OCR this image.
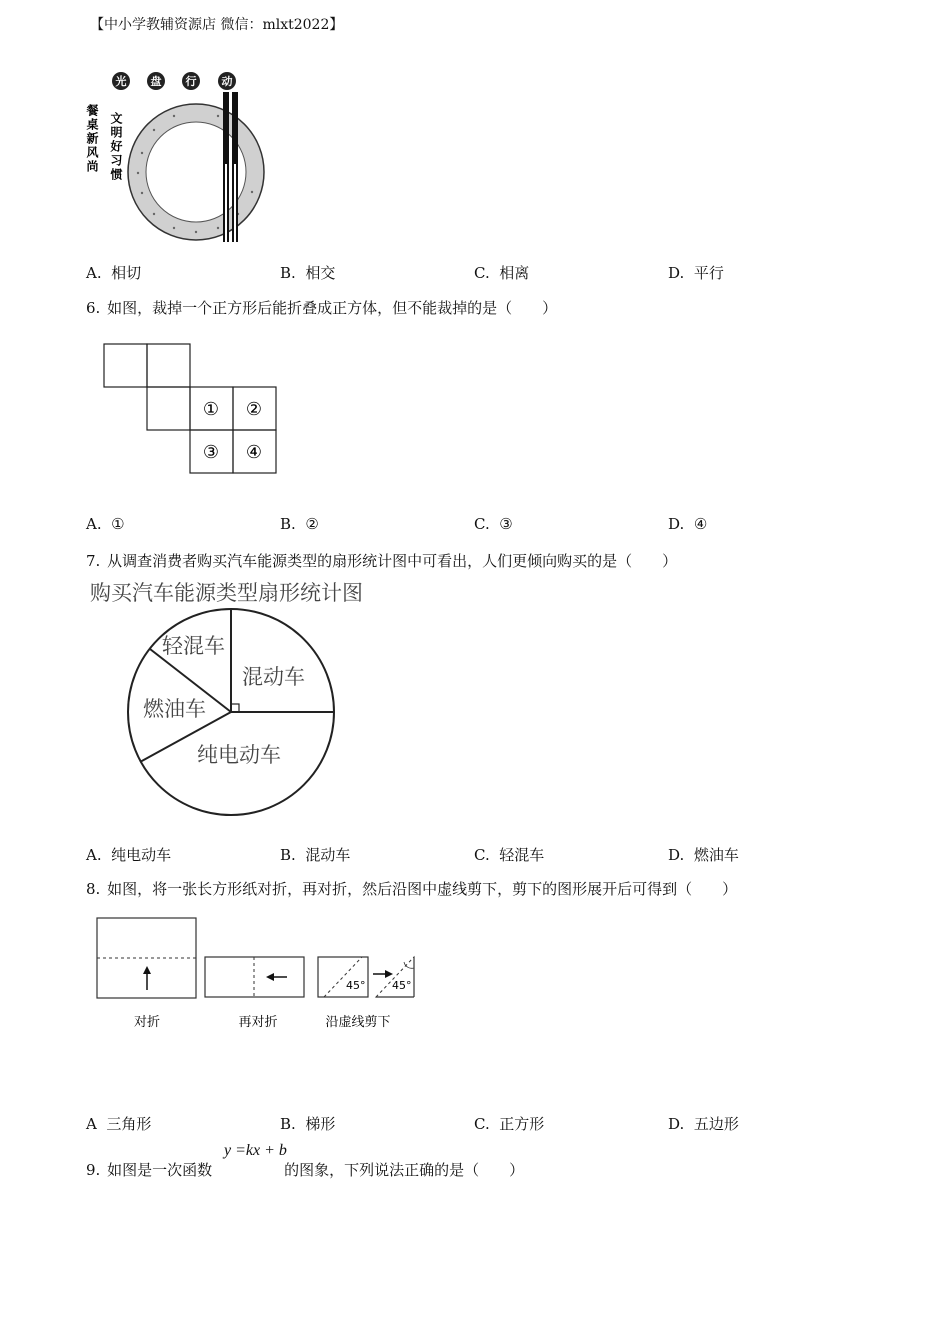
【中小学教辅资源店 微信：mlxt2022】
光 盘 行 动
餐桌新风尚 文明好习惯
A. 相切	B. 相交	C. 相离	D. 平行
6. 如图，裁掉一个正方形后能折叠成正方体，但不能裁掉的是（　　）
① ②
③ ④
A. ①	B. ②	C. ③	D. ④
7. 从调查消费者购买汽车能源类型的扇形统计图中可看出，人们更倾向购买的是（　　）
购买汽车能源类型扇形统计图
混动车
纯电动车
燃油车
轻混车
A. 纯电动车	B. 混动车	C. 轻混车	D. 燃油车
8. 如图，将一张长方形纸对折，再对折，然后沿图中虚线剪下，剪下的图形展开后可得到（　　）
对折	再对折
45° 45°
沿虚线剪下
A 三角形	B. 梯形	C. 正方形	D. 五边形
y =kx + b
9. 如图是一次函数	的图象，下列说法正确的是（　　）
